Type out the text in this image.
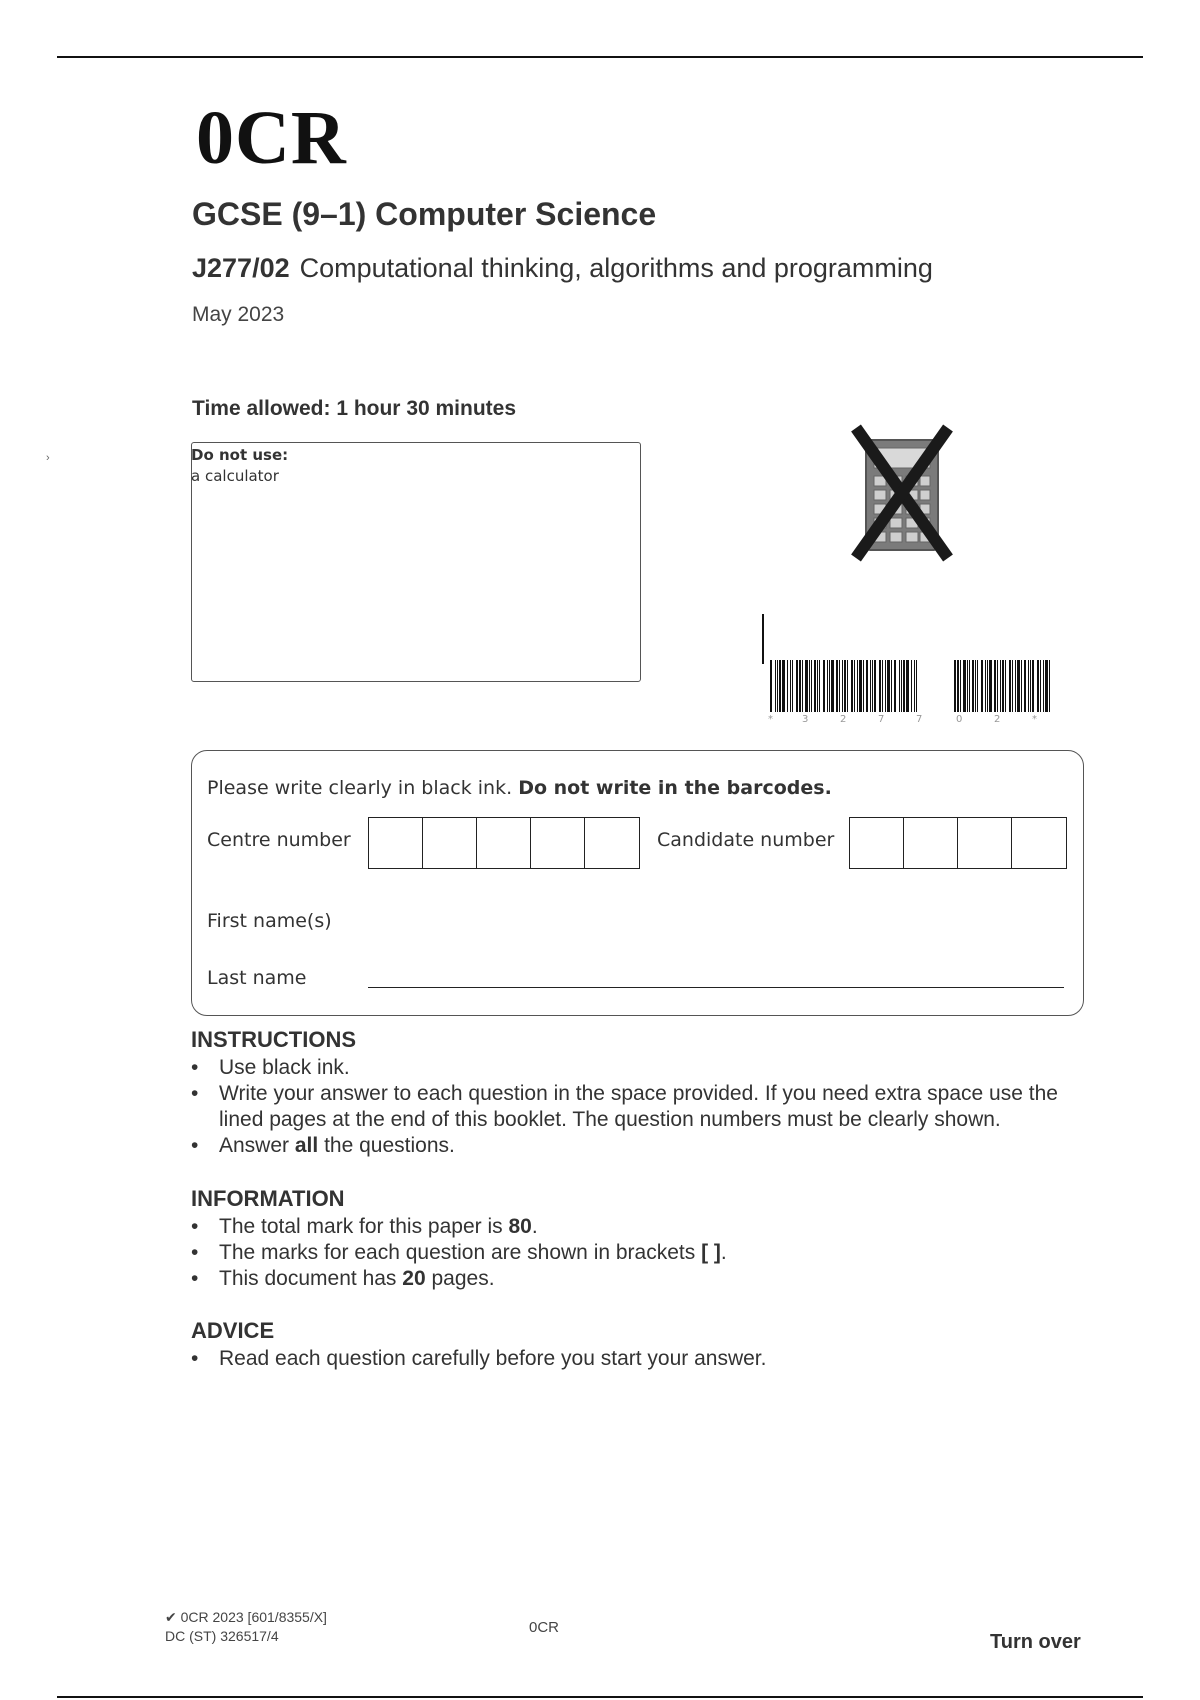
0CR
GCSE (9–1) Computer Science
J277/02 Computational thinking, algorithms and programming
May 2023
Time allowed: 1 hour 30 minutes
›	Do not use:
a calculator
*	3	2	7	7	0	2	*
Please write clearly in black ink. Do not write in the barcodes.
Centre number	Candidate number
First name(s)
Last name
INSTRUCTIONS
• Use black ink.
• Write your answer to each question in the space provided. If you need extra space use the lined pages at the end of this booklet. The question numbers must be clearly shown.
• Answer all the questions.
INFORMATION
• The total mark for this paper is 80.
• The marks for each question are shown in brackets [ ].
• This document has 20 pages.
ADVICE
• Read each question carefully before you start your answer.
✔ 0CR 2023 [601/8355/X]
DC (ST) 326517/4	0CR
Turn over
